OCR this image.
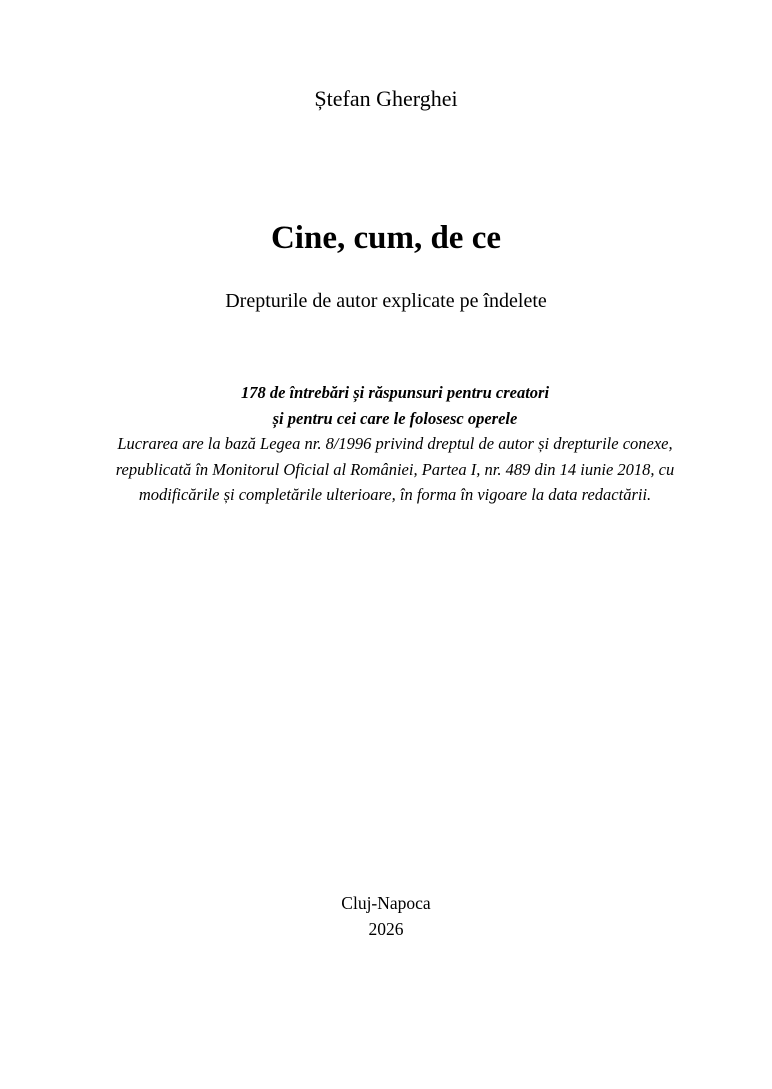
Ștefan Gherghei
Cine, cum, de ce
Drepturile de autor explicate pe îndelete
178 de întrebări și răspunsuri pentru creatori
și pentru cei care le folosesc operele
Lucrarea are la bază Legea nr. 8/1996 privind dreptul de autor și drepturile conexe, republicată în Monitorul Oficial al României, Partea I, nr. 489 din 14 iunie 2018, cu modificările și completările ulterioare, în forma în vigoare la data redactării.
Cluj-Napoca
2026
